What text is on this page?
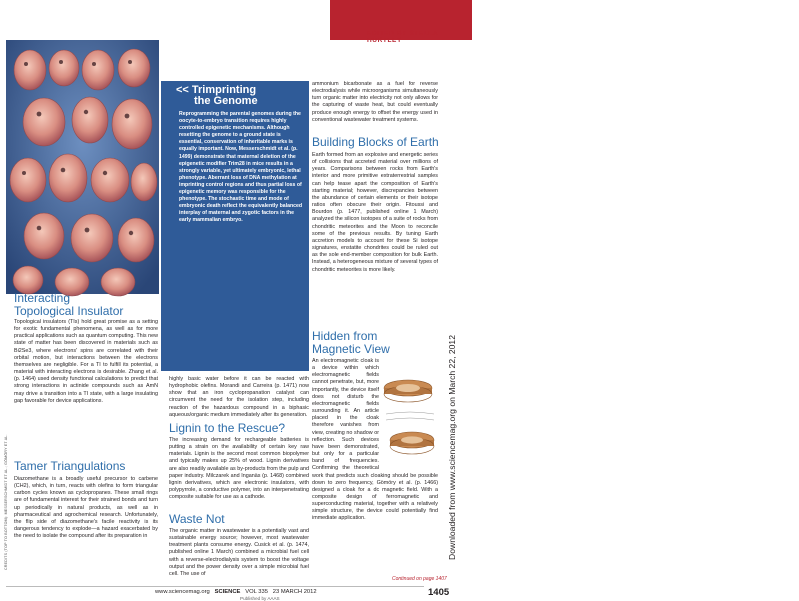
THIS WEEK IN	Science
EDITED BY STELLA HURTLEY
<< Trimprinting
the Genome
Reprogramming the parental genomes during the oocyte-to-embryo transition requires highly controlled epigenetic mechanisms. Although resetting the genome to a ground state is essential, conservation of inheritable marks is equally important. Now, Messerschmidt et al. (p. 1499) demonstrate that maternal deletion of the epigenetic modifier Trim28 in mice results in a strongly variable, yet ultimately embryonic, lethal phenotype. Aberrant loss of DNA methylation at imprinting control regions and thus partial loss of epigenetic memory was responsible for the phenotype. The stochastic time and mode of embryonic death reflect the equivalently balanced interplay of maternal and zygotic factors in the early mammalian embryo.
Interacting
Topological Insulator
Topological insulators (TIs) hold great promise as a setting for exotic fundamental phenomena, as well as for more practical applications such as quantum computing. This new state of matter has been discovered in materials such as Bi2Se3, where electrons' spins are correlated with their orbital motion, but interactions between the electrons themselves are negligible. For a TI to fulfill its potential, a material with interacting electrons is desirable. Zhang et al. (p. 1464) used density functional calculations to predict that strong interactions in actinide compounds such as AmN may drive a transition into a TI state, with a large insulating gap favorable for device applications.
Tamer Triangulations
Diazomethane is a broadly useful precursor to carbene (CH2), which, in turn, reacts with olefins to form triangular carbon cycles known as cyclopropanes. These small rings are of fundamental interest for their strained bonds and turn up periodically in natural products, as well as in pharmaceutical and agrochemical research. Unfortunately, the flip side of diazomethane's facile reactivity is its dangerous tendency to explode—a hazard exacerbated by the need to isolate the compound after its preparation in
highly basic water before it can be reacted with hydrophobic olefins. Morandi and Carreira (p. 1471) now show that an iron cyclopropanation catalyst can circumvent the need for the isolation step, including reaction of the hazardous compound in a biphasic aqueous/organic medium immediately after its generation.
Lignin to the Rescue?
The increasing demand for rechargeable batteries is putting a strain on the availability of certain key raw materials. Lignin is the second most common biopolymer and typically makes up 25% of wood. Lignin derivatives are also readily available as by-products from the pulp and paper industry. Milczarek and Inganäs (p. 1468) combined lignin derivatives, which are electronic insulators, with polypyrrole, a conductive polymer, into an interpenetrating composite suitable for use as a cathode.
Waste Not
The organic matter in wastewater is a potentially vast and sustainable energy source; however, most wastewater treatment plants consume energy. Cusick et al. (p. 1474, published online 1 March) combined a microbial fuel cell with a reverse-electrodialysis system to boost the voltage output and the power density over a simple microbial fuel cell. The use of
ammonium bicarbonate as a fuel for reverse electrodialysis while microorganisms simultaneously turn organic matter into electricity not only allows for the capturing of waste heat, but could eventually produce enough energy to offset the energy used in conventional wastewater treatment systems.
Building Blocks of Earth
Earth formed from an explosive and energetic series of collisions that accreted material over millions of years. Comparisons between rocks from Earth's interior and more primitive extraterrestrial samples can help tease apart the composition of Earth's starting material; however, discrepancies between the abundance of certain elements or their isotope ratios often obscure their origin. Fitoussi and Bourdon (p. 1477, published online 1 March) analyzed the silicon isotopes of a suite of rocks from chondritic meteorites and the Moon to reconcile some of the previous results. By tuning Earth accretion models to account for these Si isotope signatures, enstatite chondrites could be ruled out as the sole end-member composition for bulk Earth. Instead, a heterogeneous mixture of several types of chondritic meteorites is more likely.
Hidden from
Magnetic View
An electromagnetic cloak is a device within which electromagnetic fields cannot penetrate, but, more importantly, the device itself does not disturb the electromagnetic fields surrounding it. An article placed in the cloak therefore vanishes from view, creating no shadow or reflection. Such devices have been demonstrated, but only for a particular band of frequencies. Confirming the theoretical work that predicts such cloaking should be possible down to zero frequency, Gömöry et al. (p. 1466) designed a cloak for a dc magnetic field. With a composite design of ferromagnetic and superconducting material, together with a relatively simple structure, the device could potentially find immediate application.
Continued on page 1407
CREDITS (TOP TO BOTTOM): MESSERSCHMIDT ET AL.; GÖMÖRY ET AL.	Downloaded from www.sciencemag.org on March 22, 2012
www.sciencemag.org SCIENCE VOL 335 23 MARCH 2012
Published by AAAS
1405
